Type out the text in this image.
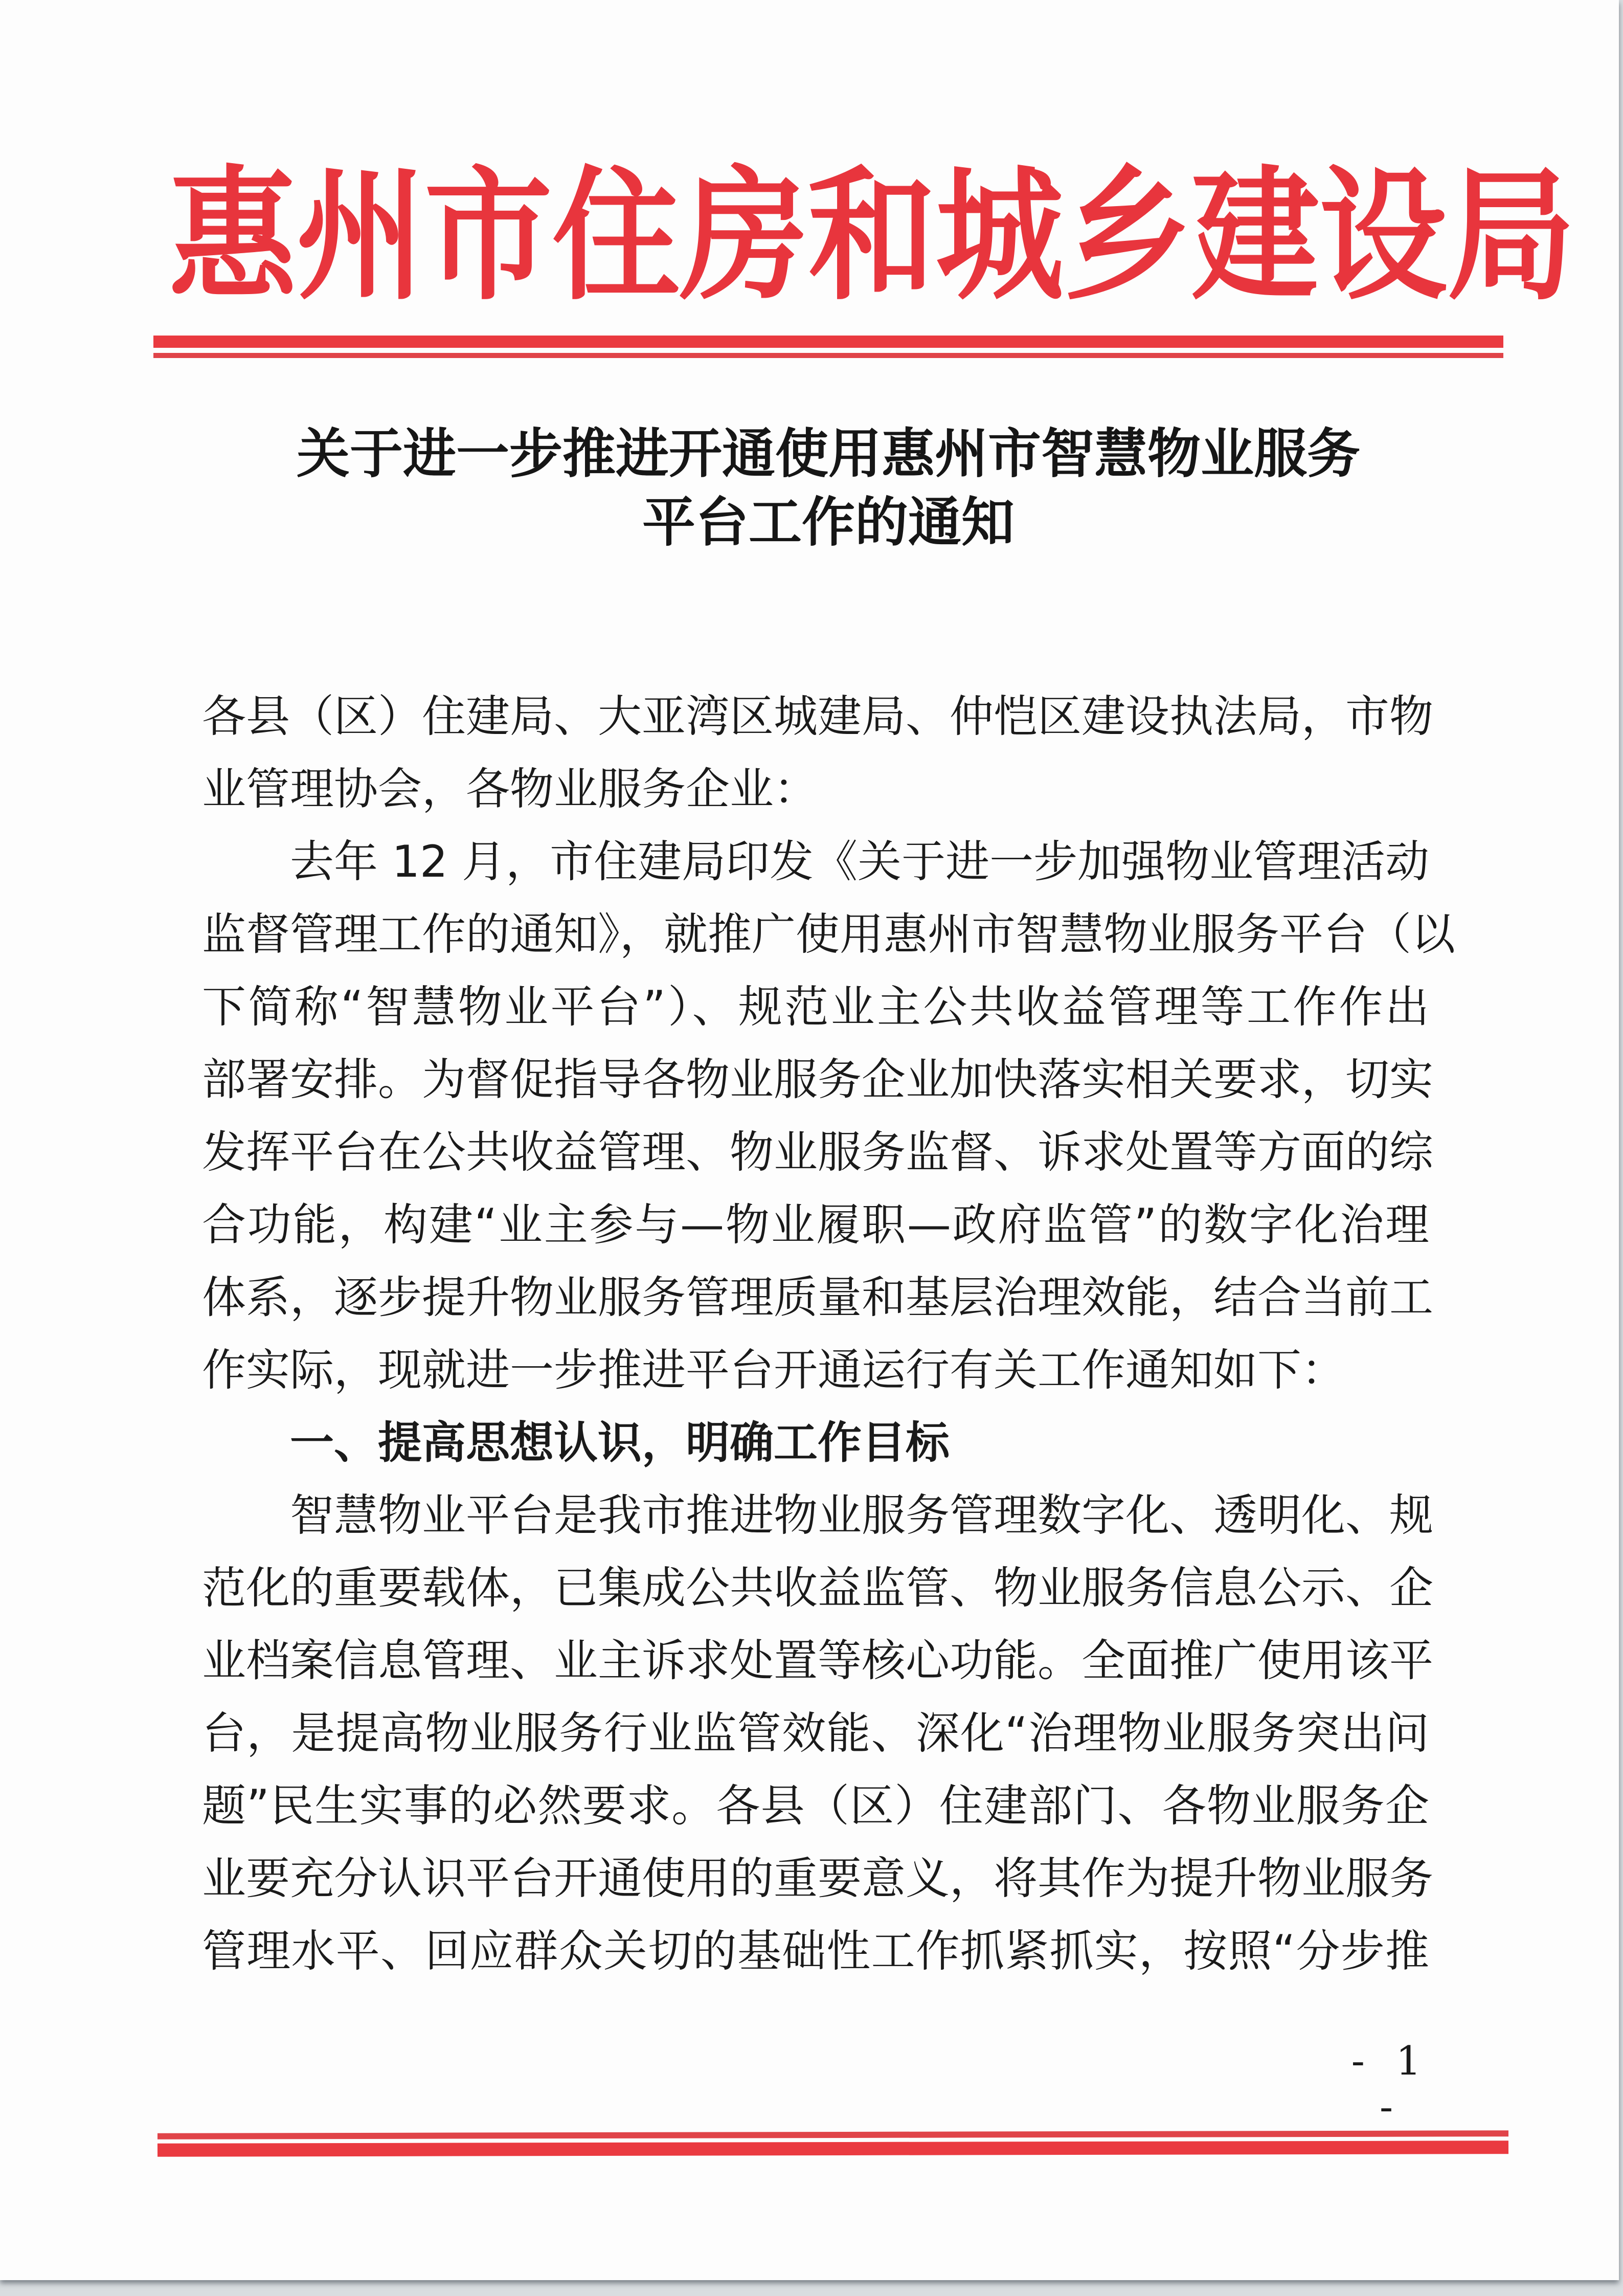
惠 州 市 住 房 和 城 乡 建 设 局
关于进一步推进开通使用惠州市智慧物业服务
平台工作的通知
各县（区）住建局、大亚湾区城建局、仲恺区建设执法局，市物
业管理协会，各物业服务企业：
去年 12 月，市住建局印发《关于进一步加强物业管理活动
监督管理工作的通知》，就推广使用惠州市智慧物业服务平台（以
下简称“智慧物业平台”）、规范业主公共收益管理等工作作出
部署安排。为督促指导各物业服务企业加快落实相关要求，切实
发挥平台在公共收益管理、物业服务监督、诉求处置等方面的综
合功能，构建“业主参与—物业履职—政府监管”的数字化治理
体系，逐步提升物业服务管理质量和基层治理效能，结合当前工
作实际，现就进一步推进平台开通运行有关工作通知如下：
一、提高思想认识，明确工作目标
智慧物业平台是我市推进物业服务管理数字化、透明化、规
范化的重要载体，已集成公共收益监管、物业服务信息公示、企
业档案信息管理、业主诉求处置等核心功能。全面推广使用该平
台，是提高物业服务行业监管效能、深化“治理物业服务突出问
题”民生实事的必然要求。各县（区）住建部门、各物业服务企
业要充分认识平台开通使用的重要意义，将其作为提升物业服务
管理水平、回应群众关切的基础性工作抓紧抓实，按照“分步推
- 1 -
